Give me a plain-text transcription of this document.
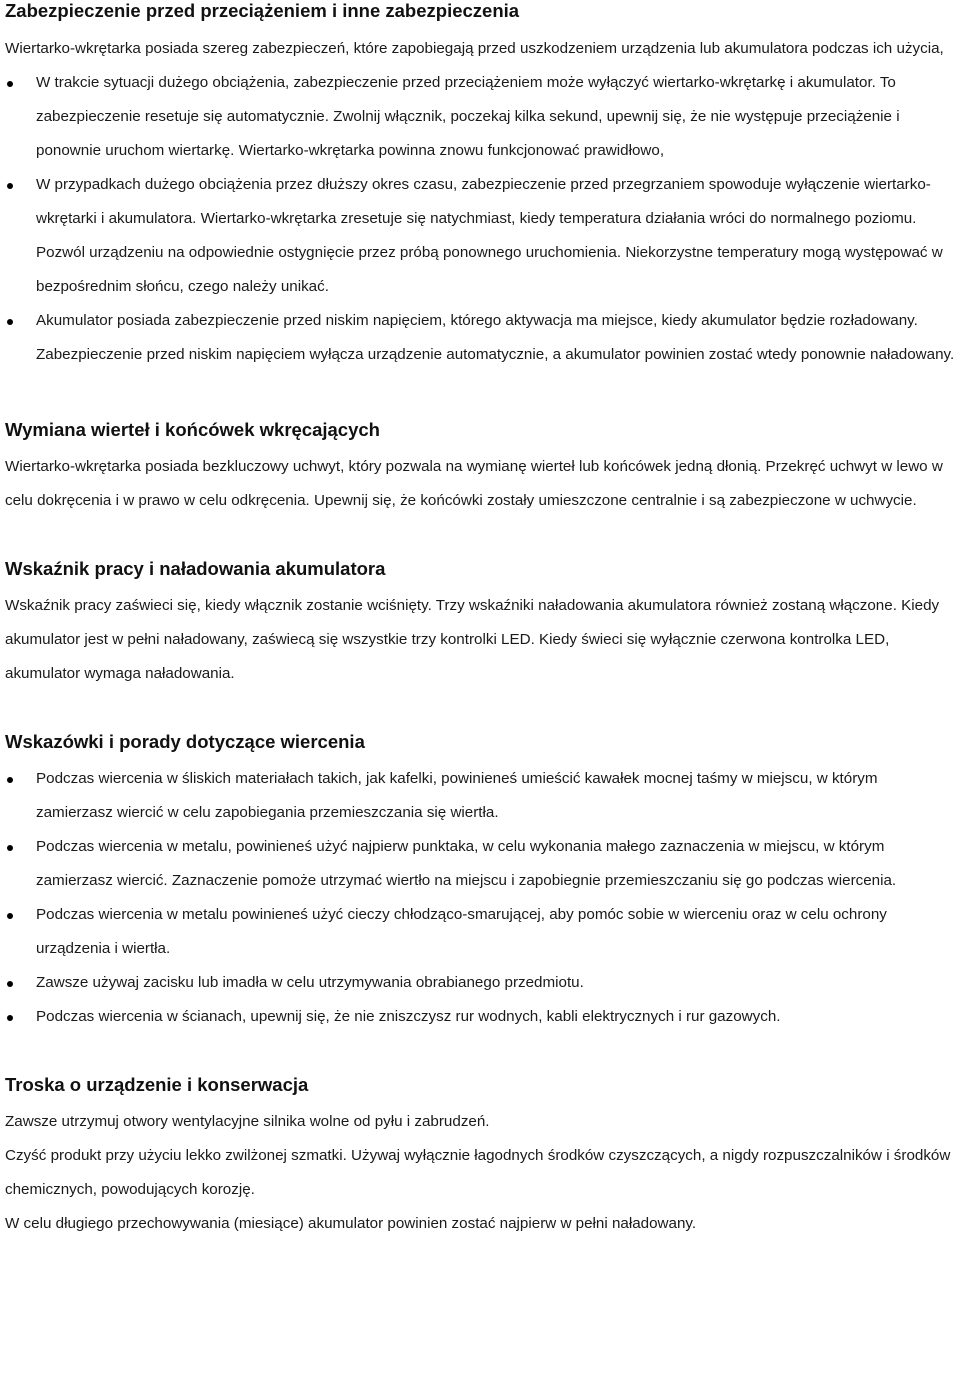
Zabezpieczenie przed przeciążeniem i inne zabezpieczenia

Wiertarko-wkrętarka posiada szereg zabezpieczeń, które zapobiegają przed uszkodzeniem urządzenia lub akumulatora podczas ich użycia,

W trakcie sytuacji dużego obciążenia, zabezpieczenie przed przeciążeniem może wyłączyć wiertarko-wkrętarkę i akumulator. To zabezpieczenie resetuje się automatycznie. Zwolnij włącznik, poczekaj kilka sekund, upewnij się, że nie występuje przeciążenie i ponownie uruchom wiertarkę. Wiertarko-wkrętarka powinna znowu funkcjonować prawidłowo,
W przypadkach dużego obciążenia przez dłuższy okres czasu, zabezpieczenie przed przegrzaniem spowoduje wyłączenie wiertarko-wkrętarki i akumulatora. Wiertarko-wkrętarka zresetuje się natychmiast, kiedy temperatura działania wróci do normalnego poziomu. Pozwól urządzeniu na odpowiednie ostygnięcie przez próbą ponownego uruchomienia. Niekorzystne temperatury mogą występować w bezpośrednim słońcu, czego należy unikać.
Akumulator posiada zabezpieczenie przed niskim napięciem, którego aktywacja ma miejsce, kiedy akumulator będzie rozładowany. Zabezpieczenie przed niskim napięciem wyłącza urządzenie automatycznie, a akumulator powinien zostać wtedy ponownie naładowany.
Wymiana wierteł i końcówek wkręcających

Wiertarko-wkrętarka posiada bezkluczowy uchwyt, który pozwala na wymianę wierteł lub końcówek jedną dłonią. Przekręć uchwyt w lewo w celu dokręcenia i w prawo w celu odkręcenia. Upewnij się, że końcówki zostały umieszczone centralnie i są zabezpieczone w uchwycie.

Wskaźnik pracy i naładowania akumulatora

Wskaźnik pracy zaświeci się, kiedy włącznik zostanie wciśnięty. Trzy wskaźniki naładowania akumulatora również zostaną włączone. Kiedy akumulator jest w pełni naładowany, zaświecą się wszystkie trzy kontrolki LED. Kiedy świeci się wyłącznie czerwona kontrolka LED, akumulator wymaga naładowania.

Wskazówki i porady dotyczące wiercenia
Podczas wiercenia w śliskich materiałach takich, jak kafelki, powinieneś umieścić kawałek mocnej taśmy w miejscu, w którym zamierzasz wiercić w celu zapobiegania przemieszczania się wiertła.
Podczas wiercenia w metalu, powinieneś użyć najpierw punktaka, w celu wykonania małego zaznaczenia w miejscu, w którym zamierzasz wiercić. Zaznaczenie pomoże utrzymać wiertło na miejscu i zapobiegnie przemieszczaniu się go podczas wiercenia.
Podczas wiercenia w metalu powinieneś użyć cieczy chłodząco-smarującej, aby pomóc sobie w wierceniu oraz w celu ochrony urządzenia i wiertła.
Zawsze używaj zacisku lub imadła w celu utrzymywania obrabianego przedmiotu.
Podczas wiercenia w ścianach, upewnij się, że nie zniszczysz rur wodnych, kabli elektrycznych i rur gazowych.
Troska o urządzenie i konserwacja

Zawsze utrzymuj otwory wentylacyjne silnika wolne od pyłu i zabrudzeń.

Czyść produkt przy użyciu lekko zwilżonej szmatki. Używaj wyłącznie łagodnych środków czyszczących, a nigdy rozpuszczalników i środków chemicznych, powodujących korozję.

W celu długiego przechowywania (miesiące) akumulator powinien zostać najpierw w pełni naładowany.
